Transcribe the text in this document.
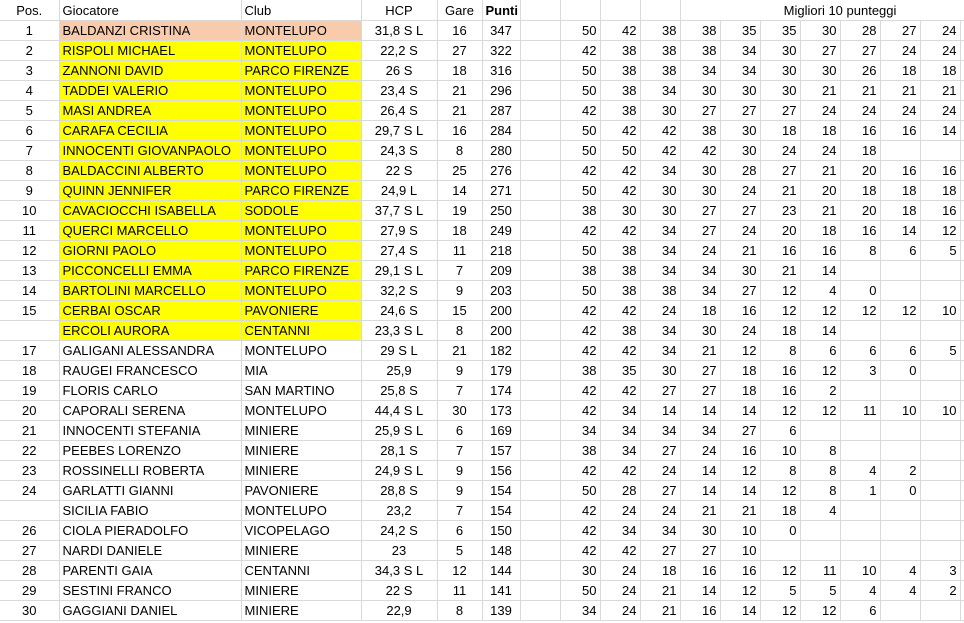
Pos.	Giocatore	Club	HCP	Gare	Punti						Migliori 10 punteggi							
1	BALDANZI CRISTINA	MONTELUPO	31,8 S L	16	347		50	42	38	38	35	35	30	28	27	24		
2	RISPOLI MICHAEL	MONTELUPO	22,2 S	27	322		42	38	38	38	34	30	27	27	24	24		
3	ZANNONI DAVID	PARCO FIRENZE	26 S	18	316		50	38	38	34	34	30	30	26	18	18		
4	TADDEI VALERIO	MONTELUPO	23,4 S	21	296		50	38	34	30	30	30	21	21	21	21		
5	MASI ANDREA	MONTELUPO	26,4 S	21	287		42	38	30	27	27	27	24	24	24	24		
6	CARAFA CECILIA	MONTELUPO	29,7 S L	16	284		50	42	42	38	30	18	18	16	16	14		
7	INNOCENTI GIOVANPAOLO	MONTELUPO	24,3 S	8	280		50	50	42	42	30	24	24	18				
8	BALDACCINI ALBERTO	MONTELUPO	22 S	25	276		42	42	34	30	28	27	21	20	16	16		
9	QUINN JENNIFER	PARCO FIRENZE	24,9 L	14	271		50	42	30	30	24	21	20	18	18	18		
10	CAVACIOCCHI ISABELLA	SODOLE	37,7 S L	19	250		38	30	30	27	27	23	21	20	18	16		
11	QUERCI MARCELLO	MONTELUPO	27,9 S	18	249		42	42	34	27	24	20	18	16	14	12		
12	GIORNI PAOLO	MONTELUPO	27,4 S	11	218		50	38	34	24	21	16	16	8	6	5		
13	PICCONCELLI EMMA	PARCO FIRENZE	29,1 S L	7	209		38	38	34	34	30	21	14					
14	BARTOLINI MARCELLO	MONTELUPO	32,2 S	9	203		50	38	38	34	27	12	4	0				
15	CERBAI OSCAR	PAVONIERE	24,6 S	15	200		42	42	24	18	16	12	12	12	12	10		
	ERCOLI AURORA	CENTANNI	23,3 S L	8	200		42	38	34	30	24	18	14					
17	GALIGANI ALESSANDRA	MONTELUPO	29 S L	21	182		42	42	34	21	12	8	6	6	6	5		
18	RAUGEI FRANCESCO	MIA	25,9	9	179		38	35	30	27	18	16	12	3	0			
19	FLORIS CARLO	SAN MARTINO	25,8 S	7	174		42	42	27	27	18	16	2					
20	CAPORALI SERENA	MONTELUPO	44,4 S L	30	173		42	34	14	14	14	12	12	11	10	10		
21	INNOCENTI STEFANIA	MINIERE	25,9 S L	6	169		34	34	34	34	27	6						
22	PEEBES LORENZO	MINIERE	28,1 S	7	157		38	34	27	24	16	10	8					
23	ROSSINELLI ROBERTA	MINIERE	24,9 S L	9	156		42	42	24	14	12	8	8	4	2			
24	GARLATTI GIANNI	PAVONIERE	28,8 S	9	154		50	28	27	14	14	12	8	1	0			
	SICILIA FABIO	MONTELUPO	23,2	7	154		42	24	24	21	21	18	4					
26	CIOLA PIERADOLFO	VICOPELAGO	24,2 S	6	150		42	34	34	30	10	0						
27	NARDI DANIELE	MINIERE	23	5	148		42	42	27	27	10							
28	PARENTI GAIA	CENTANNI	34,3 S L	12	144		30	24	18	16	16	12	11	10	4	3		
29	SESTINI FRANCO	MINIERE	22 S	11	141		50	24	21	14	12	5	5	4	4	2		
30	GAGGIANI DANIEL	MINIERE	22,9	8	139		34	24	21	16	14	12	12	6				
